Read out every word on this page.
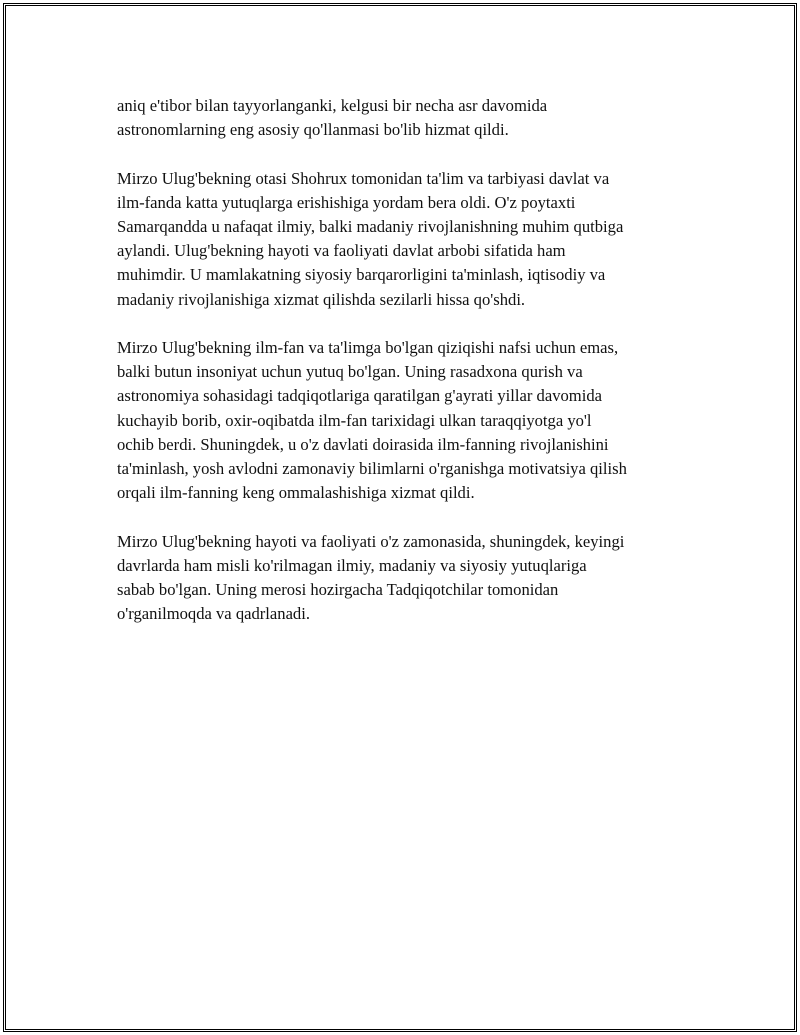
aniq e'tibor bilan tayyorlanganki, kelgusi bir necha asr davomida
astronomlarning eng asosiy qo'llanmasi bo'lib hizmat qildi.

Mirzo Ulug'bekning otasi Shohrux tomonidan ta'lim va tarbiyasi davlat va
ilm-fanda katta yutuqlarga erishishiga yordam bera oldi. O'z poytaxti
Samarqandda u nafaqat ilmiy, balki madaniy rivojlanishning muhim qutbiga
aylandi. Ulug'bekning hayoti va faoliyati davlat arbobi sifatida ham
muhimdir. U mamlakatning siyosiy barqarorligini ta'minlash, iqtisodiy va
madaniy rivojlanishiga xizmat qilishda sezilarli hissa qo'shdi.

Mirzo Ulug'bekning ilm-fan va ta'limga bo'lgan qiziqishi nafsi uchun emas,
balki butun insoniyat uchun yutuq bo'lgan. Uning rasadxona qurish va
astronomiya sohasidagi tadqiqotlariga qaratilgan g'ayrati yillar davomida
kuchayib borib, oxir-oqibatda ilm-fan tarixidagi ulkan taraqqiyotga yo'l
ochib berdi. Shuningdek, u o'z davlati doirasida ilm-fanning rivojlanishini
ta'minlash, yosh avlodni zamonaviy bilimlarni o'rganishga motivatsiya qilish
orqali ilm-fanning keng ommalashishiga xizmat qildi.

Mirzo Ulug'bekning hayoti va faoliyati o'z zamonasida, shuningdek, keyingi
davrlarda ham misli ko'rilmagan ilmiy, madaniy va siyosiy yutuqlariga
sabab bo'lgan. Uning merosi hozirgacha Tadqiqotchilar tomonidan
o'rganilmoqda va qadrlanadi.
